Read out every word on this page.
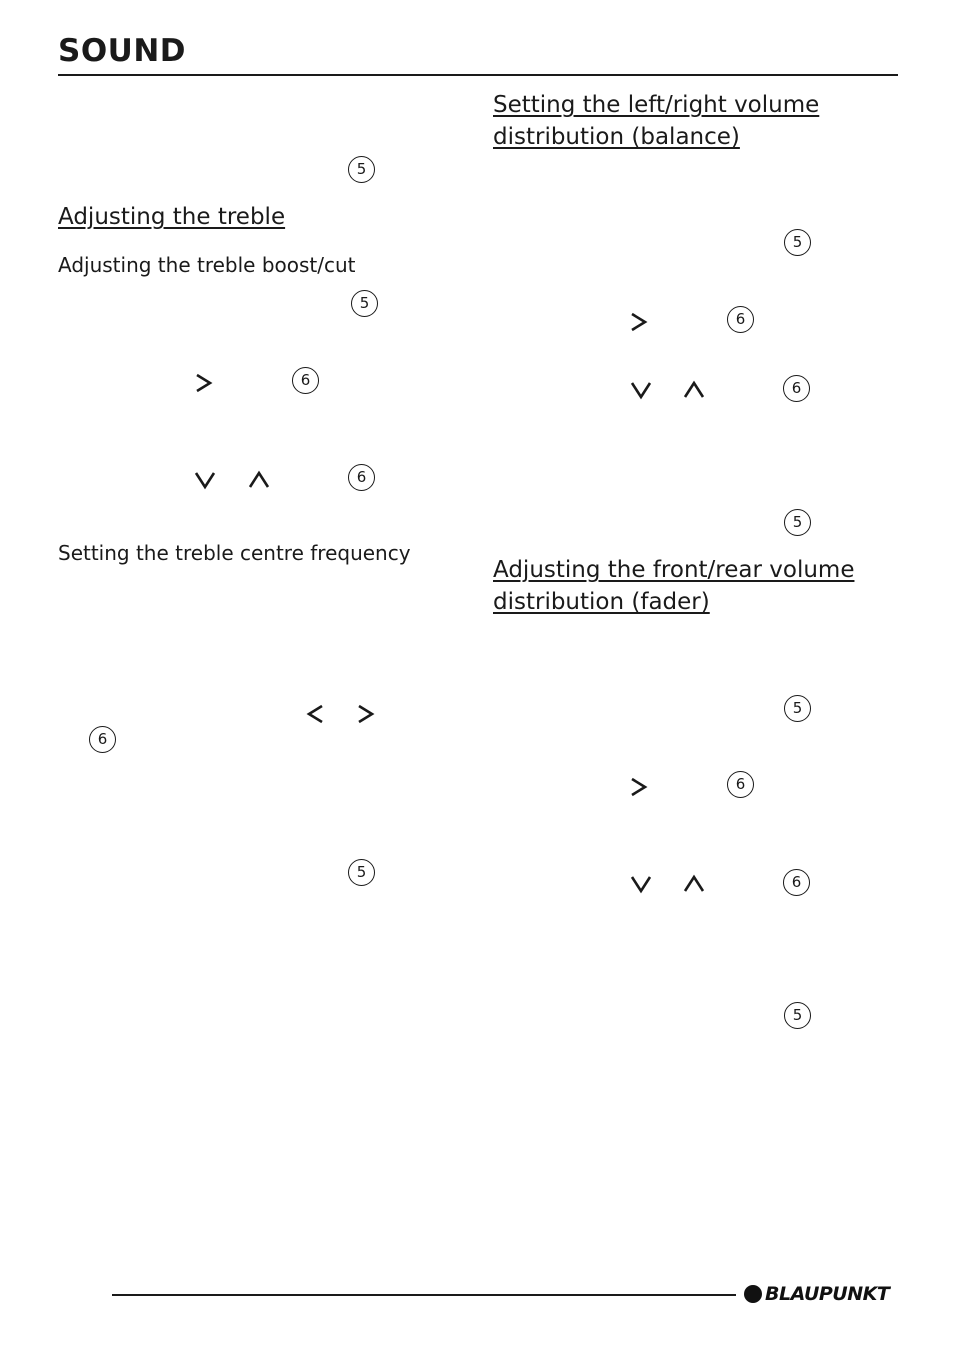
SOUND
5
Adjusting the treble
Adjusting the treble boost/cut
5
6
6
Setting the treble centre frequency
6
5
Setting the left/right volume distribution (balance)
5
6
6
5
Adjusting the front/rear volume distribution (fader)
5
6
6
5
BLAUPUNKT
